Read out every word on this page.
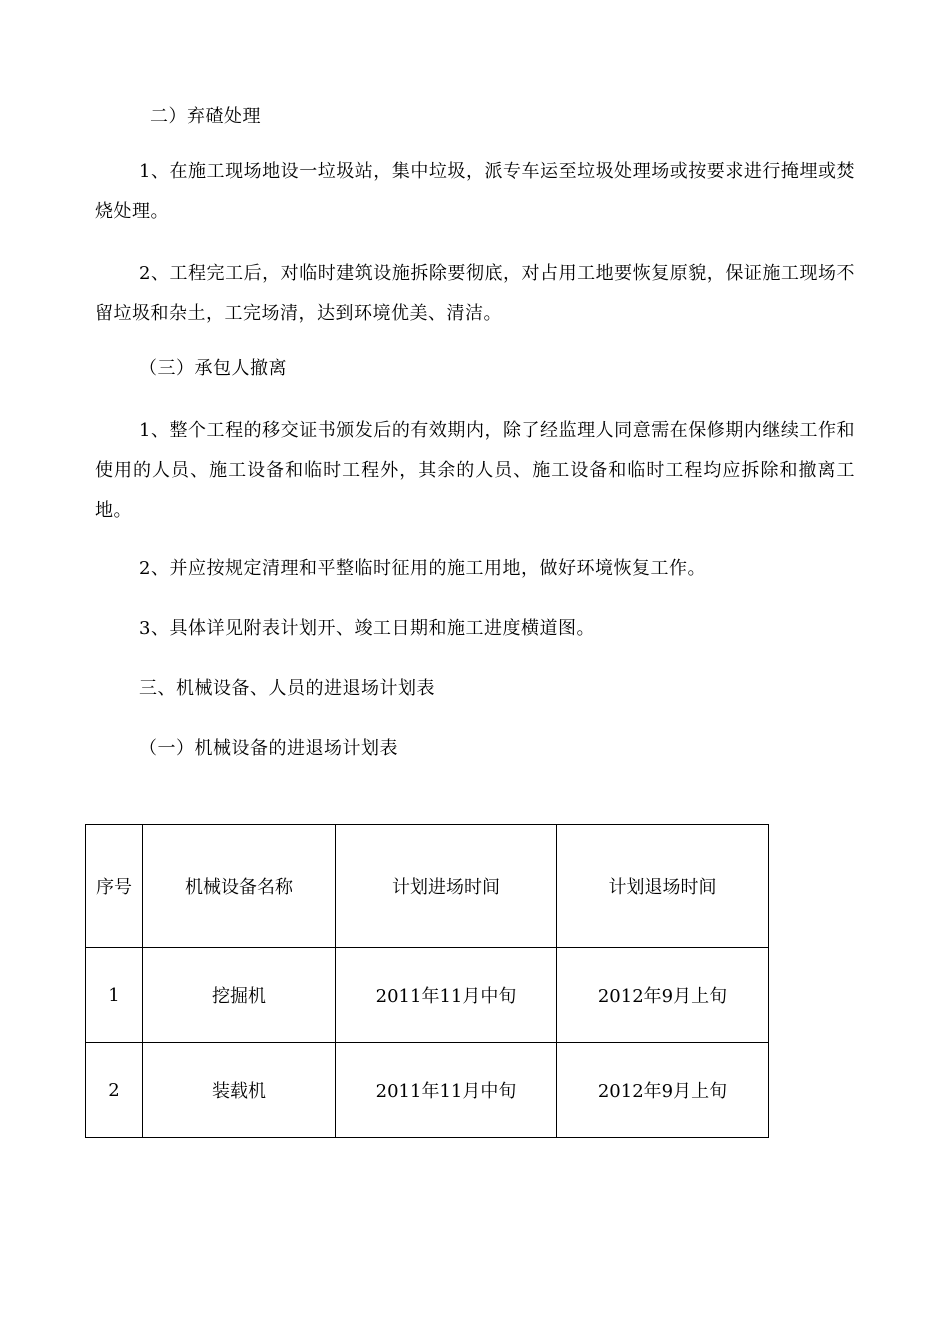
二）弃碴处理
1、在施工现场地设一垃圾站，集中垃圾，派专车运至垃圾处理场或按要求进行掩埋或焚烧处理。
2、工程完工后，对临时建筑设施拆除要彻底，对占用工地要恢复原貌，保证施工现场不留垃圾和杂土，工完场清，达到环境优美、清洁。
（三）承包人撤离
1、整个工程的移交证书颁发后的有效期内，除了经监理人同意需在保修期内继续工作和使用的人员、施工设备和临时工程外，其余的人员、施工设备和临时工程均应拆除和撤离工地。
2、并应按规定清理和平整临时征用的施工用地，做好环境恢复工作。
3、具体详见附表计划开、竣工日期和施工进度横道图。
三、机械设备、人员的进退场计划表
（一）机械设备的进退场计划表
序号	机械设备名称	计划进场时间	计划退场时间
1	挖掘机	2011年11月中旬	2012年9月上旬
2	装载机	2011年11月中旬	2012年9月上旬
